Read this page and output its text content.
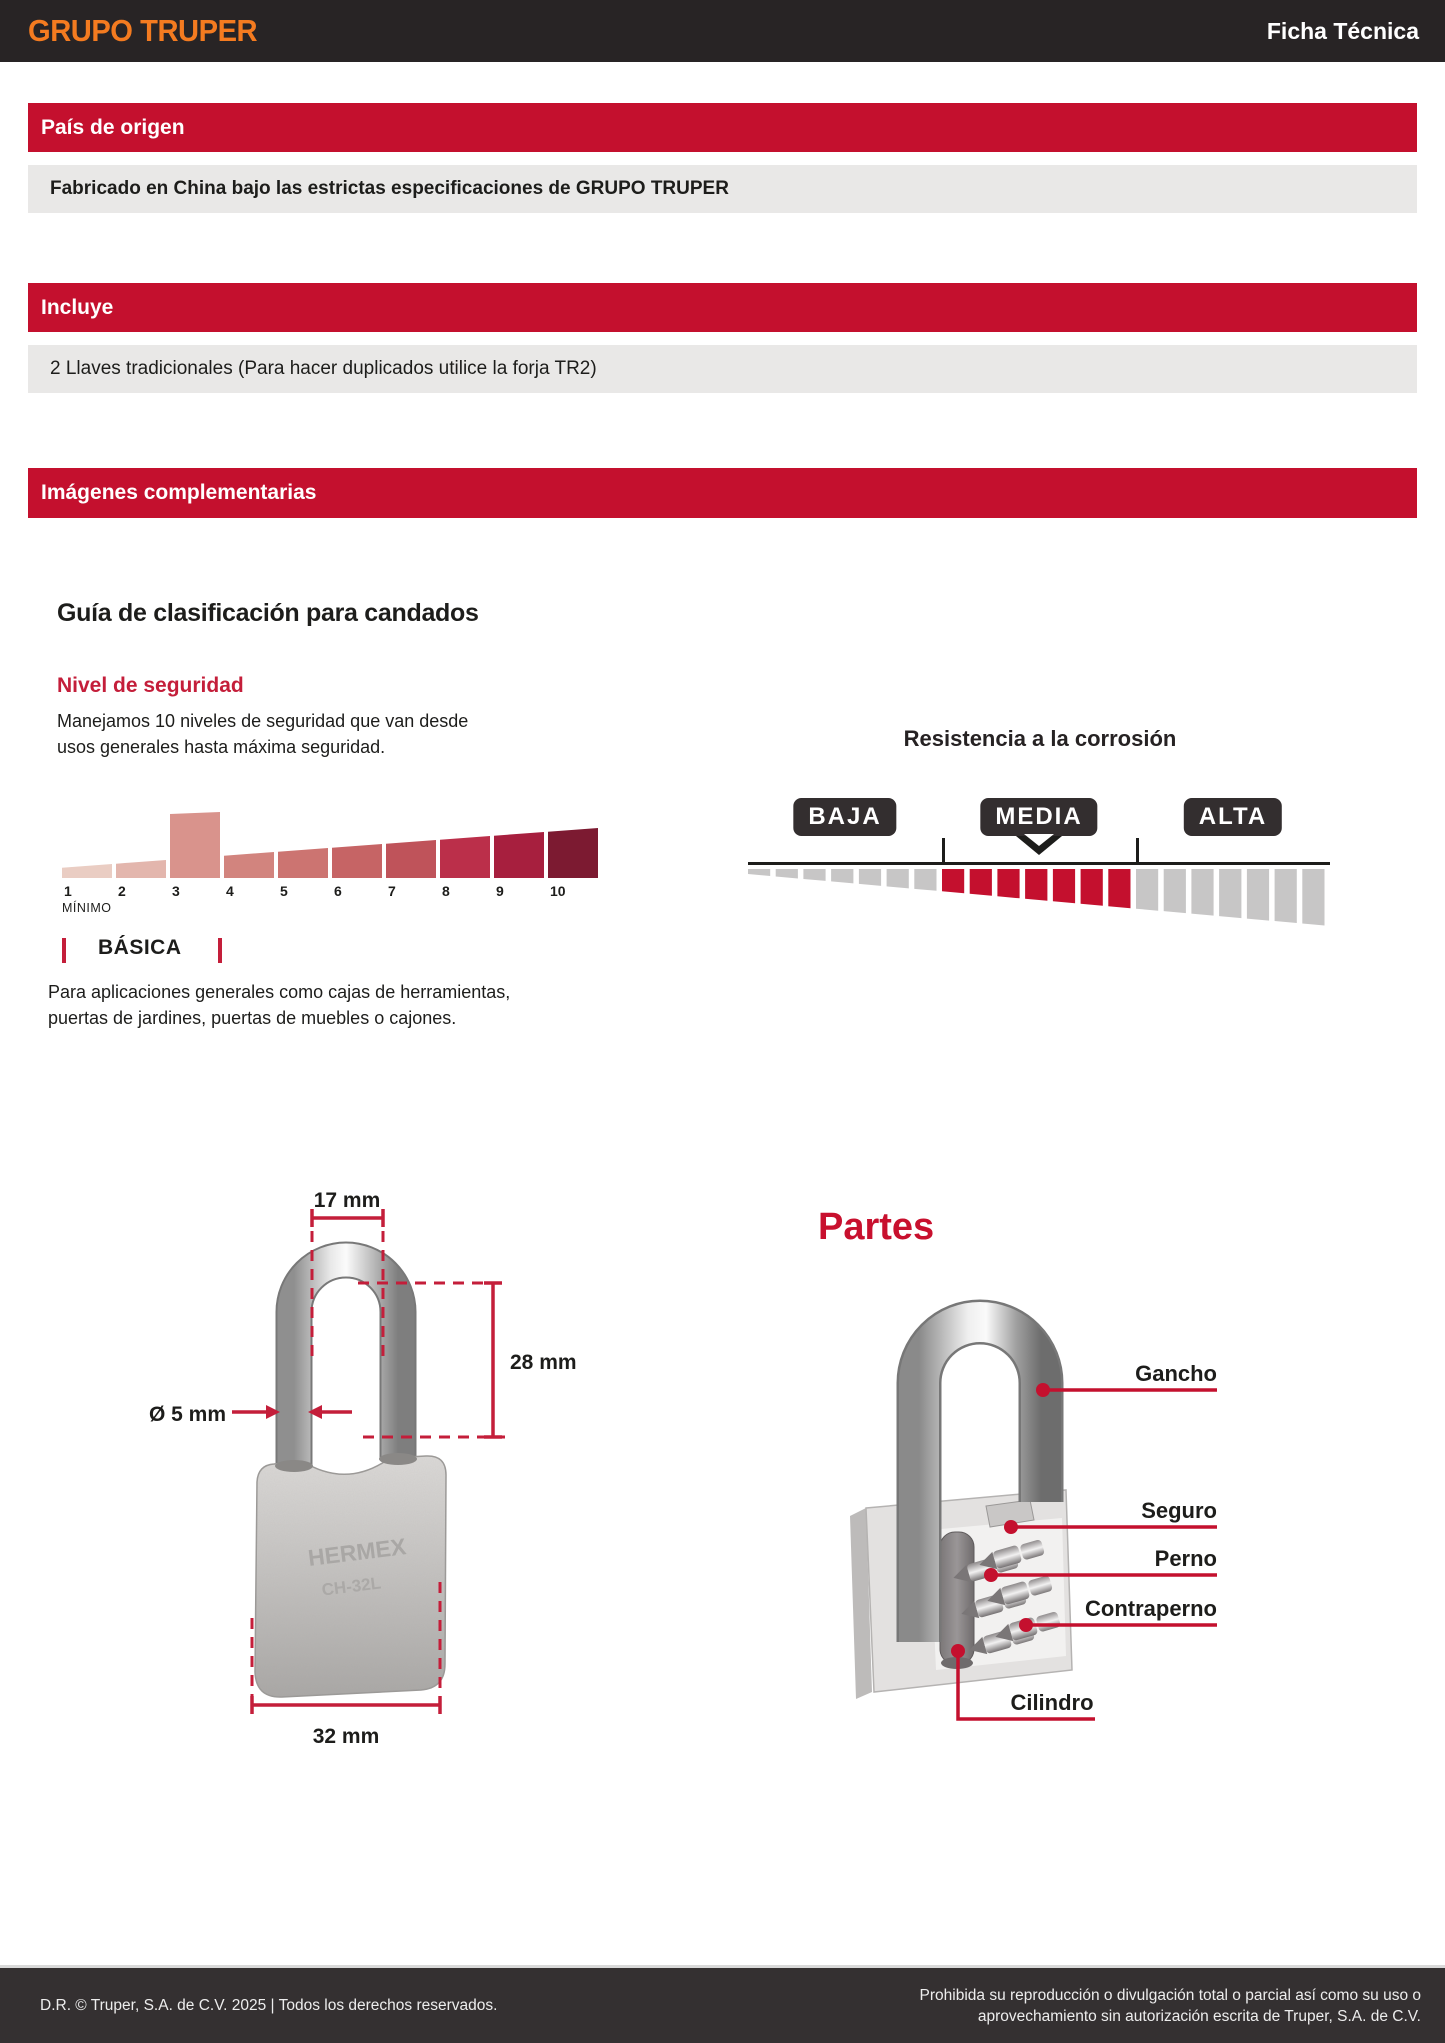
GRUPO TRUPER	Ficha Técnica
País de origen
Fabricado en China bajo las estrictas especificaciones de GRUPO TRUPER
Incluye
2 Llaves tradicionales (Para hacer duplicados utilice la forja TR2)
Imágenes complementarias
Guía de clasificación para candados
Nivel de seguridad
Manejamos 10 niveles de seguridad que van desde usos generales hasta máxima seguridad.
1	2	3	4	5	6	7	8	9	10
MÍNIMO
BÁSICA
Para aplicaciones generales como cajas de herramientas, puertas de jardines, puertas de muebles o cajones.
Resistencia a la corrosión
BAJA	MEDIA	ALTA
HERMEX
CH-32L
17 mm
28 mm
Ø 5 mm
32 mm
Partes
Gancho
Seguro
Perno
Contraperno
Cilindro
D.R. © Truper, S.A. de C.V. 2025 | Todos los derechos reservados.
Prohibida su reproducción o divulgación total o parcial así como su uso o
aprovechamiento sin autorización escrita de Truper, S.A. de C.V.
